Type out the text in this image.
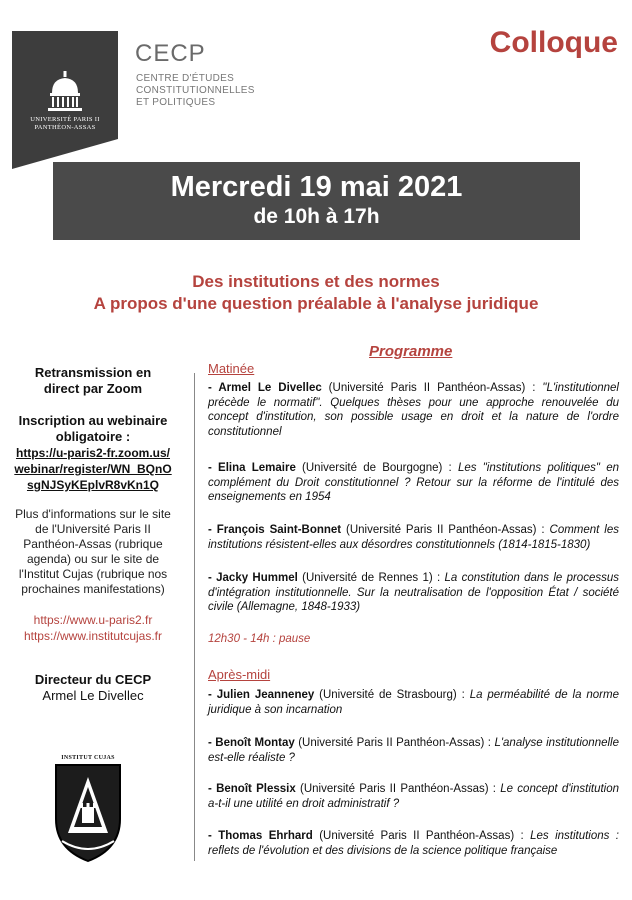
UNIVERSITÉ PARIS II
PANTHÉON-ASSAS
CECP
CENTRE D'ÉTUDES
CONSTITUTIONNELLES
ET POLITIQUES
Colloque
Mercredi 19 mai 2021
de 10h à 17h
Des institutions et des normes
A propos d'une question préalable à l'analyse juridique
Retransmission en direct par Zoom
Inscription au webinaire obligatoire :
https://u-paris2-fr.zoom.us/
webinar/register/WN_BQnO
sgNJSyKEplvR8vKn1Q
Plus d'informations sur le site de l'Université Paris II Panthéon-Assas (rubrique agenda) ou sur le site de l'Institut Cujas (rubrique nos prochaines manifestations)
https://www.u-paris2.fr
https://www.institutcujas.fr
Directeur du CECP
Armel Le Divellec
INSTITUT CUJAS
Programme
Matinée
- Armel Le Divellec (Université Paris II Panthéon-Assas) : "L'institutionnel précède le normatif". Quelques thèses pour une approche renouvelée du concept d'institution, son possible usage en droit et la nature de l'ordre constitutionnel
- Elina Lemaire (Université de Bourgogne) : Les "institutions politiques" en complément du Droit constitutionnel ? Retour sur la réforme de l'intitulé des enseignements en 1954
- François Saint-Bonnet (Université Paris II Panthéon-Assas) : Comment les institutions résistent-elles aux désordres constitutionnels (1814-1815-1830)
- Jacky Hummel (Université de Rennes 1) : La constitution dans le processus d'intégration institutionnelle. Sur la neutralisation de l'opposition État / société civile (Allemagne, 1848-1933)
12h30 - 14h : pause
Après-midi
- Julien Jeanneney (Université de Strasbourg) : La perméabilité de la norme juridique à son incarnation
- Benoît Montay (Université Paris II Panthéon-Assas) : L'analyse institutionnelle est-elle réaliste ?
- Benoît Plessix (Université Paris II Panthéon-Assas) : Le concept d'institution a-t-il une utilité en droit administratif ?
- Thomas Ehrhard (Université Paris II Panthéon-Assas) : Les institutions : reflets de l'évolution et des divisions de la science politique française
